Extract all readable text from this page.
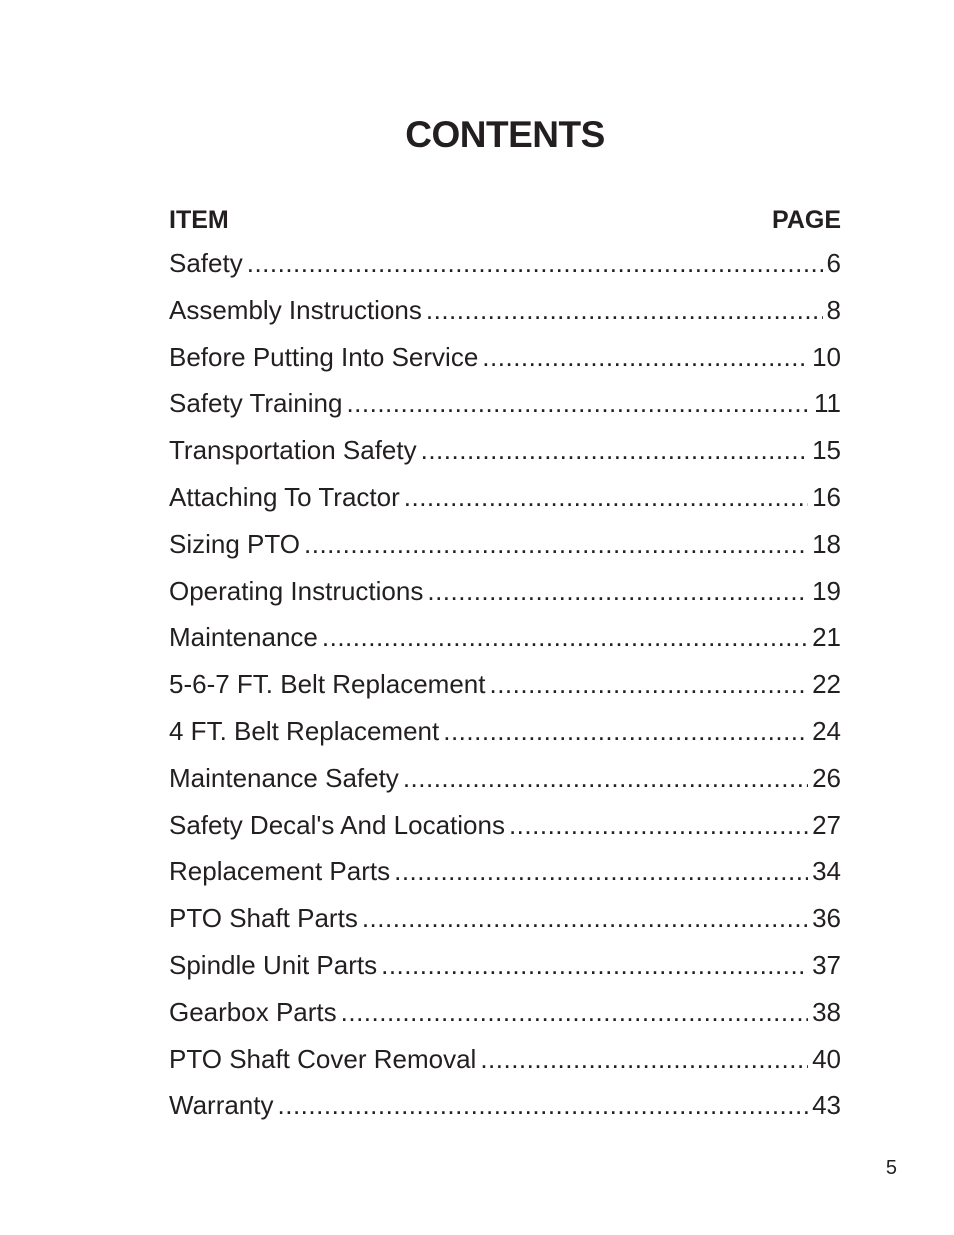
CONTENTS
ITEM	PAGE
Safety .....	6
Assembly Instructions .....	8
Before Putting Into Service .....	10
Safety Training .....	11
Transportation Safety .....	15
Attaching To Tractor .....	16
Sizing PTO .....	18
Operating Instructions .....	19
Maintenance .....	21
5-6-7 FT. Belt Replacement .....	22
4 FT. Belt Replacement .....	24
Maintenance Safety .....	26
Safety Decal's And Locations .....	27
Replacement Parts .....	34
PTO Shaft Parts .....	36
Spindle Unit Parts .....	37
Gearbox Parts .....	38
PTO Shaft Cover Removal .....	40
Warranty .....	43
5
